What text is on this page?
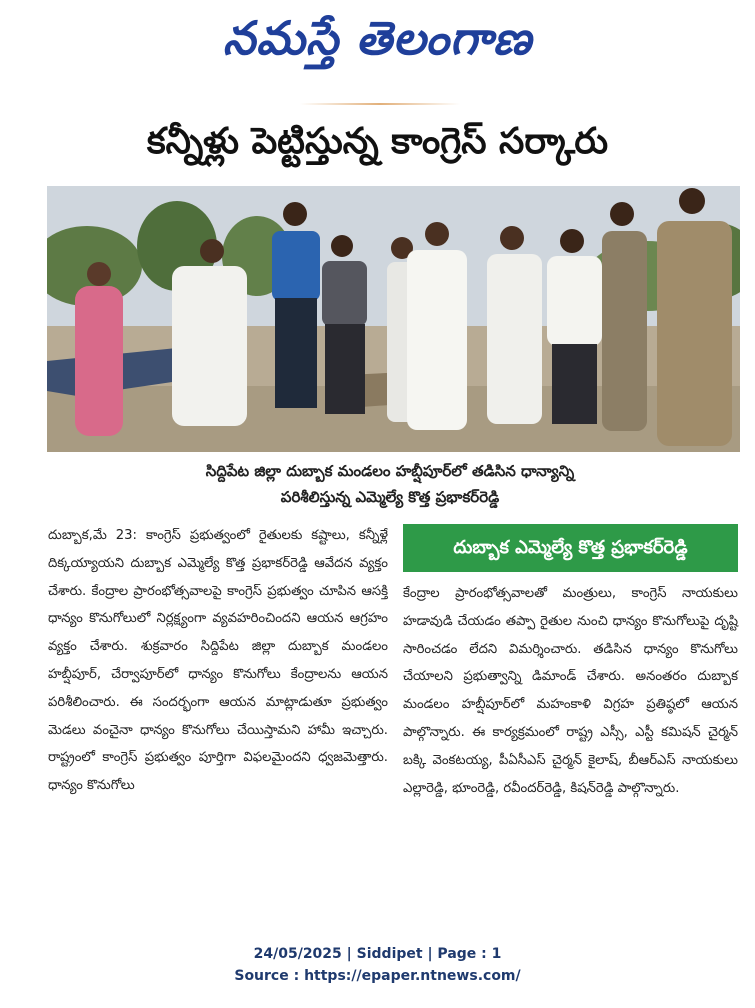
నమస్తే తెలంగాణ
కన్నీళ్లు పెట్టిస్తున్న కాంగ్రెస్ సర్కారు
సిద్దిపేట జిల్లా దుబ్బాక మండలం హబ్షీపూర్‌లో తడిసిన ధాన్యాన్ని
పరిశీలిస్తున్న ఎమ్మెల్యే కొత్త ప్రభాకర్‌రెడ్డి

దుబ్బాక,మే 23: కాంగ్రెస్ ప్రభుత్వంలో రైతులకు కష్టాలు, కన్నీళ్లే దిక్కయ్యాయని దుబ్బాక ఎమ్మెల్యే కొత్త ప్రభాకర్‌రెడ్డి ఆవేదన వ్యక్తం చేశారు. కేంద్రాల ప్రారంభోత్సవాలపై కాంగ్రెస్ ప్రభుత్వం చూపిన ఆసక్తి ధాన్యం కొనుగోలులో నిర్లక్ష్యంగా వ్యవహరించిందని ఆయన ఆగ్రహం వ్యక్తం చేశారు. శుక్రవారం సిద్దిపేట జిల్లా దుబ్బాక మండలం హబ్షీపూర్, చేర్వాపూర్‌లో ధాన్యం కొనుగోలు కేంద్రాలను ఆయన పరిశీలించారు. ఈ సందర్భంగా ఆయన మాట్లాడుతూ ప్రభుత్వం మెడలు వంచైనా ధాన్యం కొనుగోలు చేయిస్తామని హామీ ఇచ్చారు. రాష్ట్రంలో కాంగ్రెస్ ప్రభుత్వం పూర్తిగా విఫలమైందని ధ్వజమెత్తారు. ధాన్యం కొనుగోలు

దుబ్బాక ఎమ్మెల్యే కొత్త ప్రభాకర్‌రెడ్డి

కేంద్రాల ప్రారంభోత్సవాలతో మంత్రులు, కాంగ్రెస్ నాయకులు హడావుడి చేయడం తప్పా రైతుల నుంచి ధాన్యం కొనుగోలుపై దృష్టి సారించడం లేదని విమర్శించారు. తడిసిన ధాన్యం కొనుగోలు చేయాలని ప్రభుత్వాన్ని డిమాండ్ చేశారు. అనంతరం దుబ్బాక మండలం హబ్షీపూర్‌లో మహంకాళి విగ్రహ ప్రతిష్ఠలో ఆయన పాల్గొన్నారు. ఈ కార్యక్రమంలో రాష్ట్ర ఎస్సీ, ఎస్టీ కమిషన్ చైర్మన్ బక్కి వెంకటయ్య, పీఏసీఎస్ చైర్మన్ కైలాష్, బీఆర్‌ఎస్ నాయకులు ఎల్లారెడ్డి, భూంరెడ్డి, రవీందర్‌రెడ్డి, కిషన్‌రెడ్డి పాల్గొన్నారు.

24/05/2025 | Siddipet | Page : 1
Source : https://epaper.ntnews.com/
